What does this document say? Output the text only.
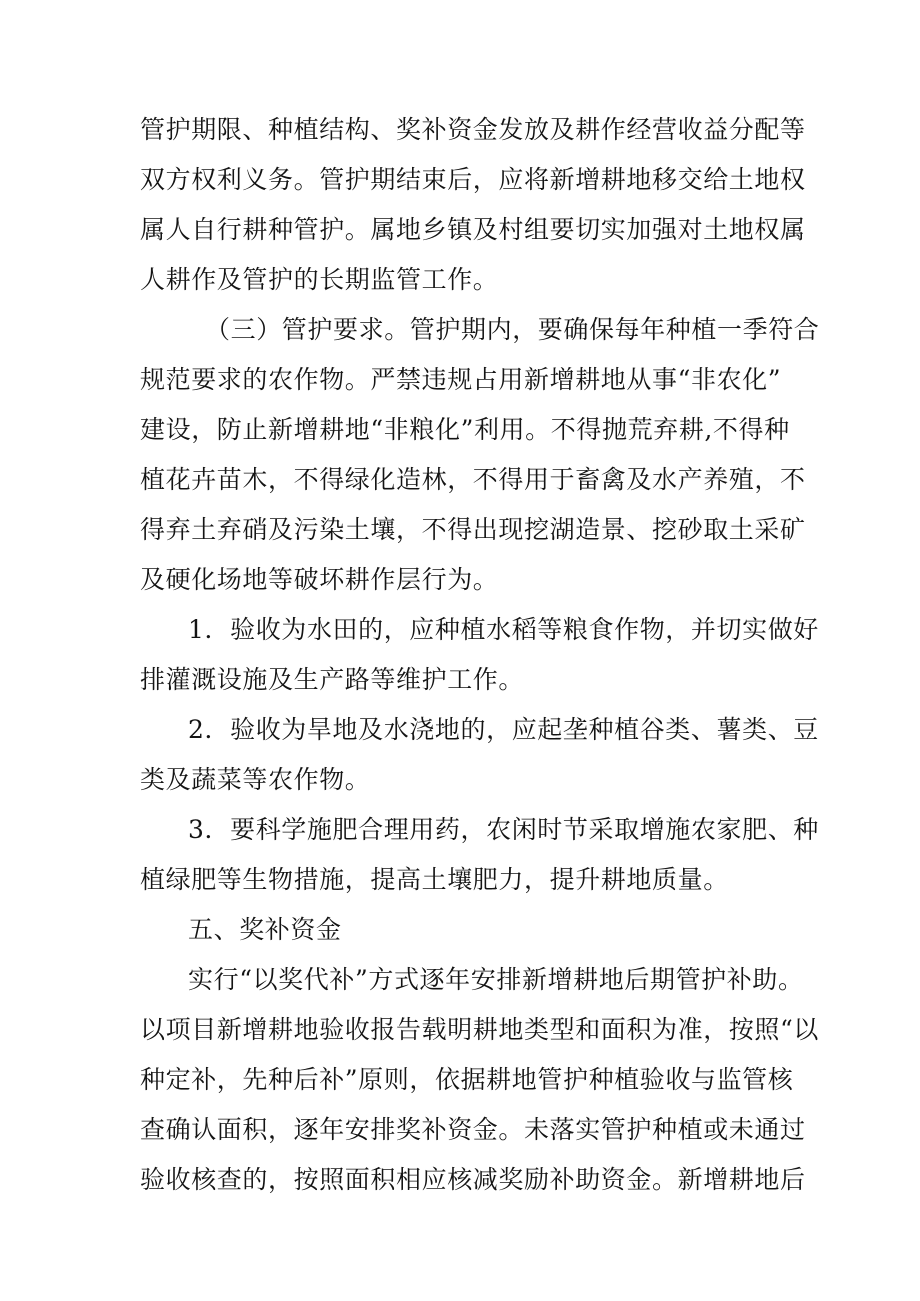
管护期限、种植结构、奖补资金发放及耕作经营收益分配等

双方权利义务。管护期结束后，应将新增耕地移交给土地权

属人自行耕种管护。属地乡镇及村组要切实加强对土地权属

人耕作及管护的长期监管工作。

（三）管护要求。管护期内，要确保每年种植一季符合

规范要求的农作物。严禁违规占用新增耕地从事“非农化”

建设，防止新增耕地“非粮化”利用。不得抛荒弃耕,不得种

植花卉苗木，不得绿化造林，不得用于畜禽及水产养殖，不

得弃土弃硝及污染土壤，不得出现挖湖造景、挖砂取土采矿

及硬化场地等破坏耕作层行为。

1．验收为水田的，应种植水稻等粮食作物，并切实做好

排灌溉设施及生产路等维护工作。

2．验收为旱地及水浇地的，应起垄种植谷类、薯类、豆

类及蔬菜等农作物。

3．要科学施肥合理用药，农闲时节采取增施农家肥、种

植绿肥等生物措施，提高土壤肥力，提升耕地质量。

五、奖补资金

实行“以奖代补”方式逐年安排新增耕地后期管护补助。

以项目新增耕地验收报告载明耕地类型和面积为准，按照“以

种定补，先种后补”原则，依据耕地管护种植验收与监管核

查确认面积，逐年安排奖补资金。未落实管护种植或未通过

验收核查的，按照面积相应核减奖励补助资金。新增耕地后
